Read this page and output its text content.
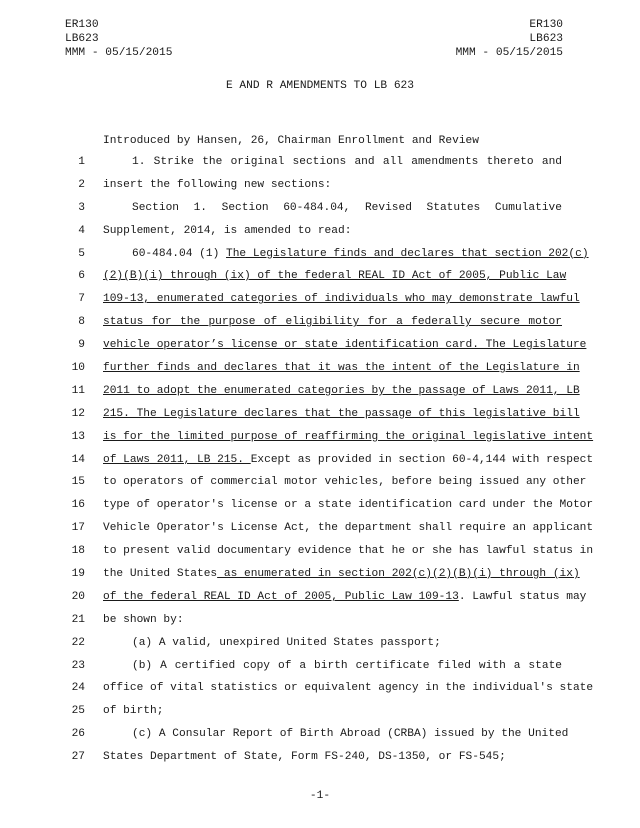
ER130
LB623
MMM - 05/15/2015
ER130
LB623
MMM - 05/15/2015
E AND R AMENDMENTS TO LB 623
Introduced by Hansen, 26, Chairman Enrollment and Review
1	1. Strike the original sections and all amendments thereto and
2 insert the following new sections:
3	Section 1. Section 60-484.04, Revised Statutes Cumulative
4 Supplement, 2014, is amended to read:
5	60-484.04 (1) The Legislature finds and declares that section 202(c)
6 (2)(B)(i) through (ix) of the federal REAL ID Act of 2005, Public Law
7 109-13, enumerated categories of individuals who may demonstrate lawful
8 status for the purpose of eligibility for a federally secure motor
9 vehicle operator’s license or state identification card. The Legislature
10 further finds and declares that it was the intent of the Legislature in
11 2011 to adopt the enumerated categories by the passage of Laws 2011, LB
12 215. The Legislature declares that the passage of this legislative bill
13 is for the limited purpose of reaffirming the original legislative intent
14 of Laws 2011, LB 215. Except as provided in section 60-4,144 with respect
15 to operators of commercial motor vehicles, before being issued any other
16 type of operator's license or a state identification card under the Motor
17 Vehicle Operator's License Act, the department shall require an applicant
18 to present valid documentary evidence that he or she has lawful status in
19 the United States as enumerated in section 202(c)(2)(B)(i) through (ix)
20 of the federal REAL ID Act of 2005, Public Law 109-13. Lawful status may
21 be shown by:
22	(a) A valid, unexpired United States passport;
23	(b) A certified copy of a birth certificate filed with a state
24 office of vital statistics or equivalent agency in the individual's state
25 of birth;
26	(c) A Consular Report of Birth Abroad (CRBA) issued by the United
27 States Department of State, Form FS-240, DS-1350, or FS-545;
-1-
